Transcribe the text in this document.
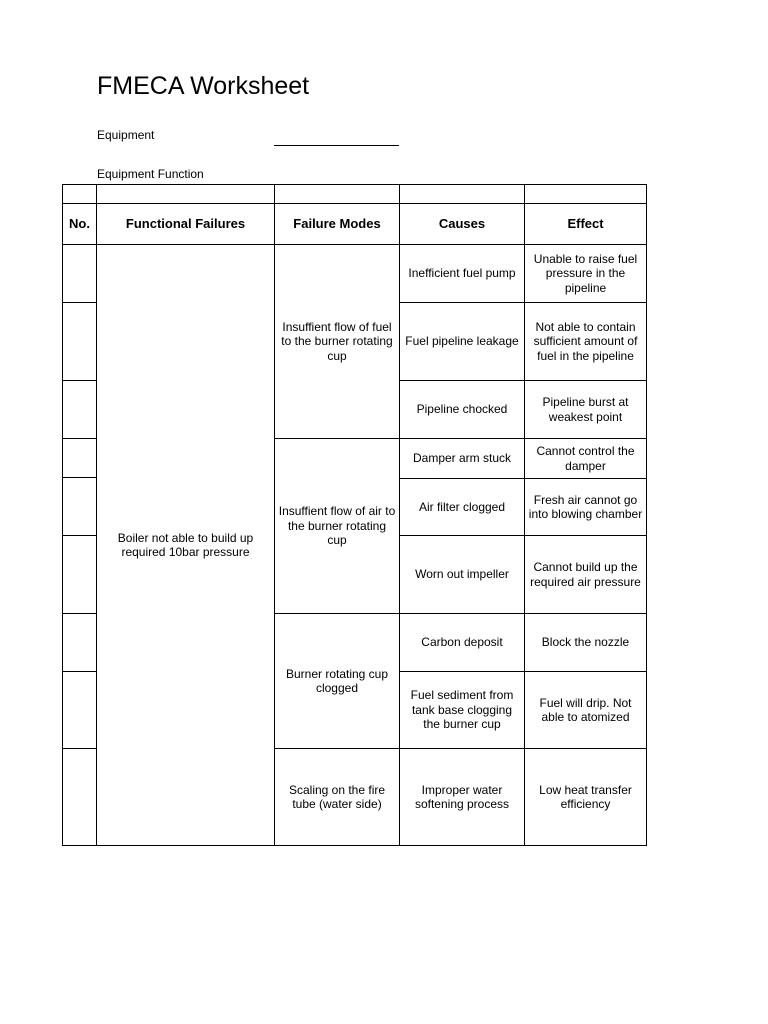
FMECA Worksheet
Equipment
Equipment Function

No.	Functional Failures	Failure Modes	Causes	Effect
	Boiler not able to build up required 10bar pressure	Insuffient flow of fuel to the burner rotating cup	Inefficient fuel pump	Unable to raise fuel pressure in the pipeline
			Fuel pipeline leakage	Not able to contain sufficient amount of fuel in the pipeline
			Pipeline chocked	Pipeline burst at weakest point
		Insuffient flow of air to the burner rotating cup	Damper arm stuck	Cannot control the damper

			Air filter clogged	Fresh air cannot go into blowing chamber
			Worn out impeller	Cannot build up the required air pressure
		Burner rotating cup clogged	Carbon deposit	Block the nozzle
			Fuel sediment from tank base clogging the burner cup	Fuel will drip. Not able to atomized
		Scaling on the fire tube (water side)	Improper water softening process	Low heat transfer efficiency
